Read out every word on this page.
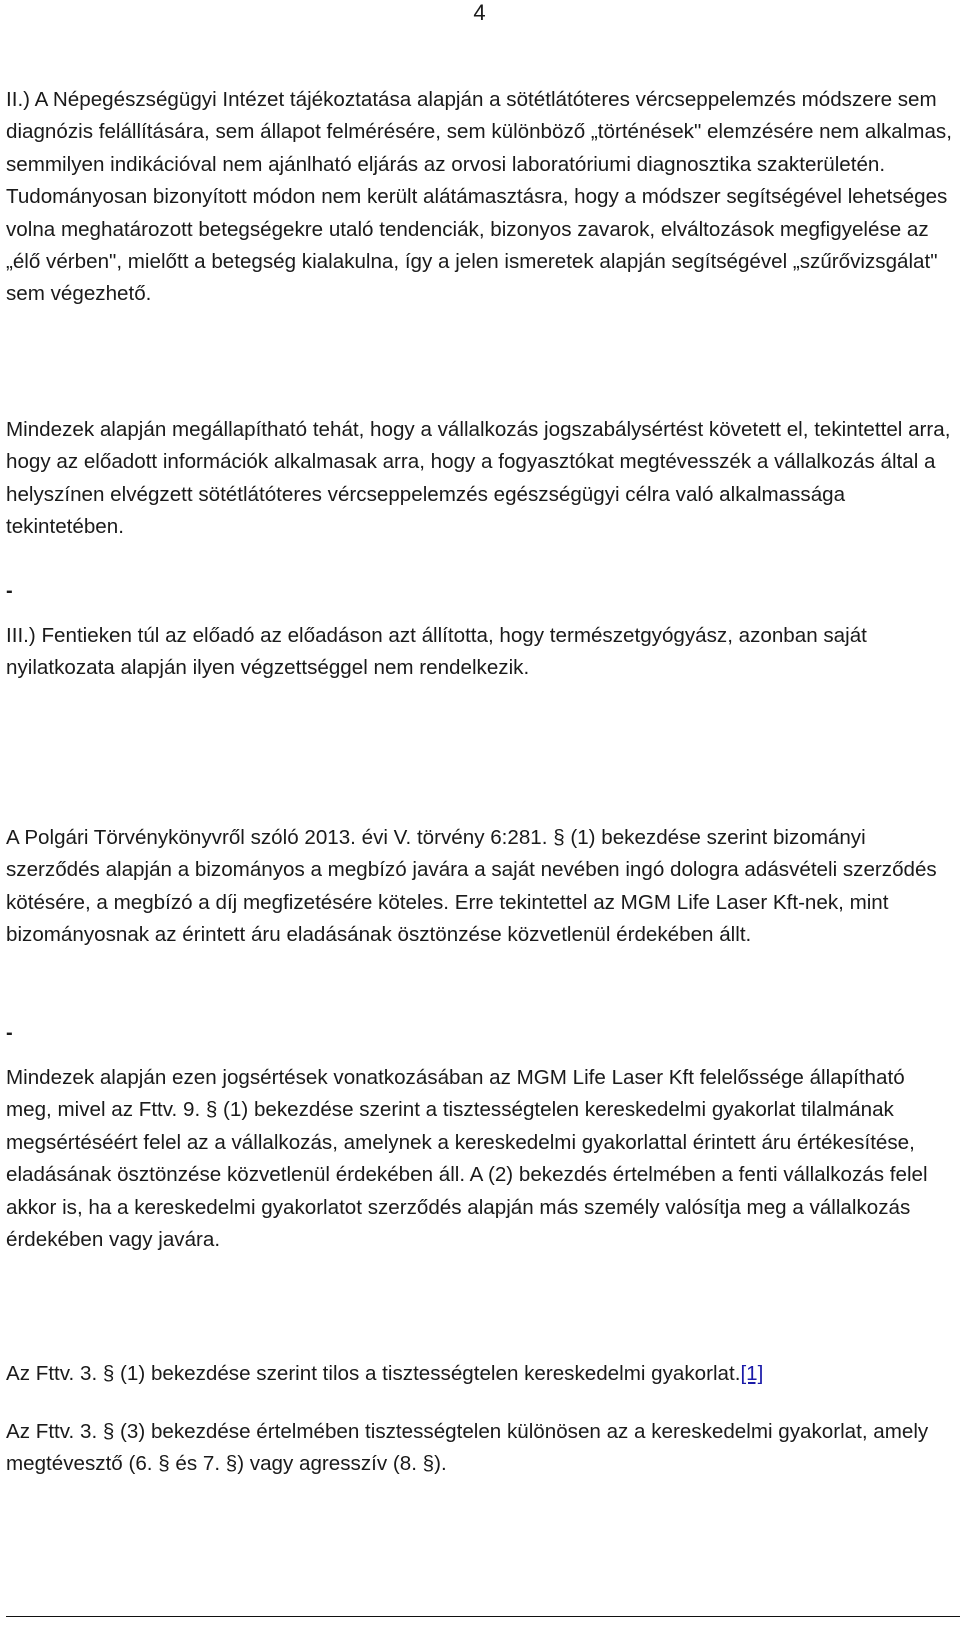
4

II.) A Népegészségügyi Intézet tájékoztatása alapján a sötétlátóteres vércseppelemzés módszere sem diagnózis felállítására, sem állapot felmérésére, sem különböző „történések" elemzésére nem alkalmas, semmilyen indikációval nem ajánlható eljárás az orvosi laboratóriumi diagnosztika szakterületén. Tudományosan bizonyított módon nem került alátámasztásra, hogy a módszer segítségével lehetséges volna meghatározott betegségekre utaló tendenciák, bizonyos zavarok, elváltozások megfigyelése az „élő vérben", mielőtt a betegség kialakulna, így a jelen ismeretek alapján segítségével „szűrővizsgálat" sem végezhető.

Mindezek alapján megállapítható tehát, hogy a vállalkozás jogszabálysértést követett el, tekintettel arra, hogy az előadott információk alkalmasak arra, hogy a fogyasztókat megtévesszék a vállalkozás által a helyszínen elvégzett sötétlátóteres vércseppelemzés egészségügyi célra való alkalmassága tekintetében.

-

III.) Fentieken túl az előadó az előadáson azt állította, hogy természetgyógyász, azonban saját nyilatkozata alapján ilyen végzettséggel nem rendelkezik.

A Polgári Törvénykönyvről szóló 2013. évi V. törvény 6:281. § (1) bekezdése szerint bizományi szerződés alapján a bizományos a megbízó javára a saját nevében ingó dologra adásvételi szerződés kötésére, a megbízó a díj megfizetésére köteles. Erre tekintettel az MGM Life Laser Kft-nek, mint bizományosnak az érintett áru eladásának ösztönzése közvetlenül érdekében állt.

-

Mindezek alapján ezen jogsértések vonatkozásában az MGM Life Laser Kft felelőssége állapítható meg, mivel az Fttv. 9. § (1) bekezdése szerint a tisztességtelen kereskedelmi gyakorlat tilalmának megsértéséért felel az a vállalkozás, amelynek a kereskedelmi gyakorlattal érintett áru értékesítése, eladásának ösztönzése közvetlenül érdekében áll. A (2) bekezdés értelmében a fenti vállalkozás felel akkor is, ha a kereskedelmi gyakorlatot szerződés alapján más személy valósítja meg a vállalkozás érdekében vagy javára.

Az Fttv. 3. § (1) bekezdése szerint tilos a tisztességtelen kereskedelmi gyakorlat.[1]

Az Fttv. 3. § (3) bekezdése értelmében tisztességtelen különösen az a kereskedelmi gyakorlat, amely megtévesztő (6. § és 7. §) vagy agresszív (8. §).
